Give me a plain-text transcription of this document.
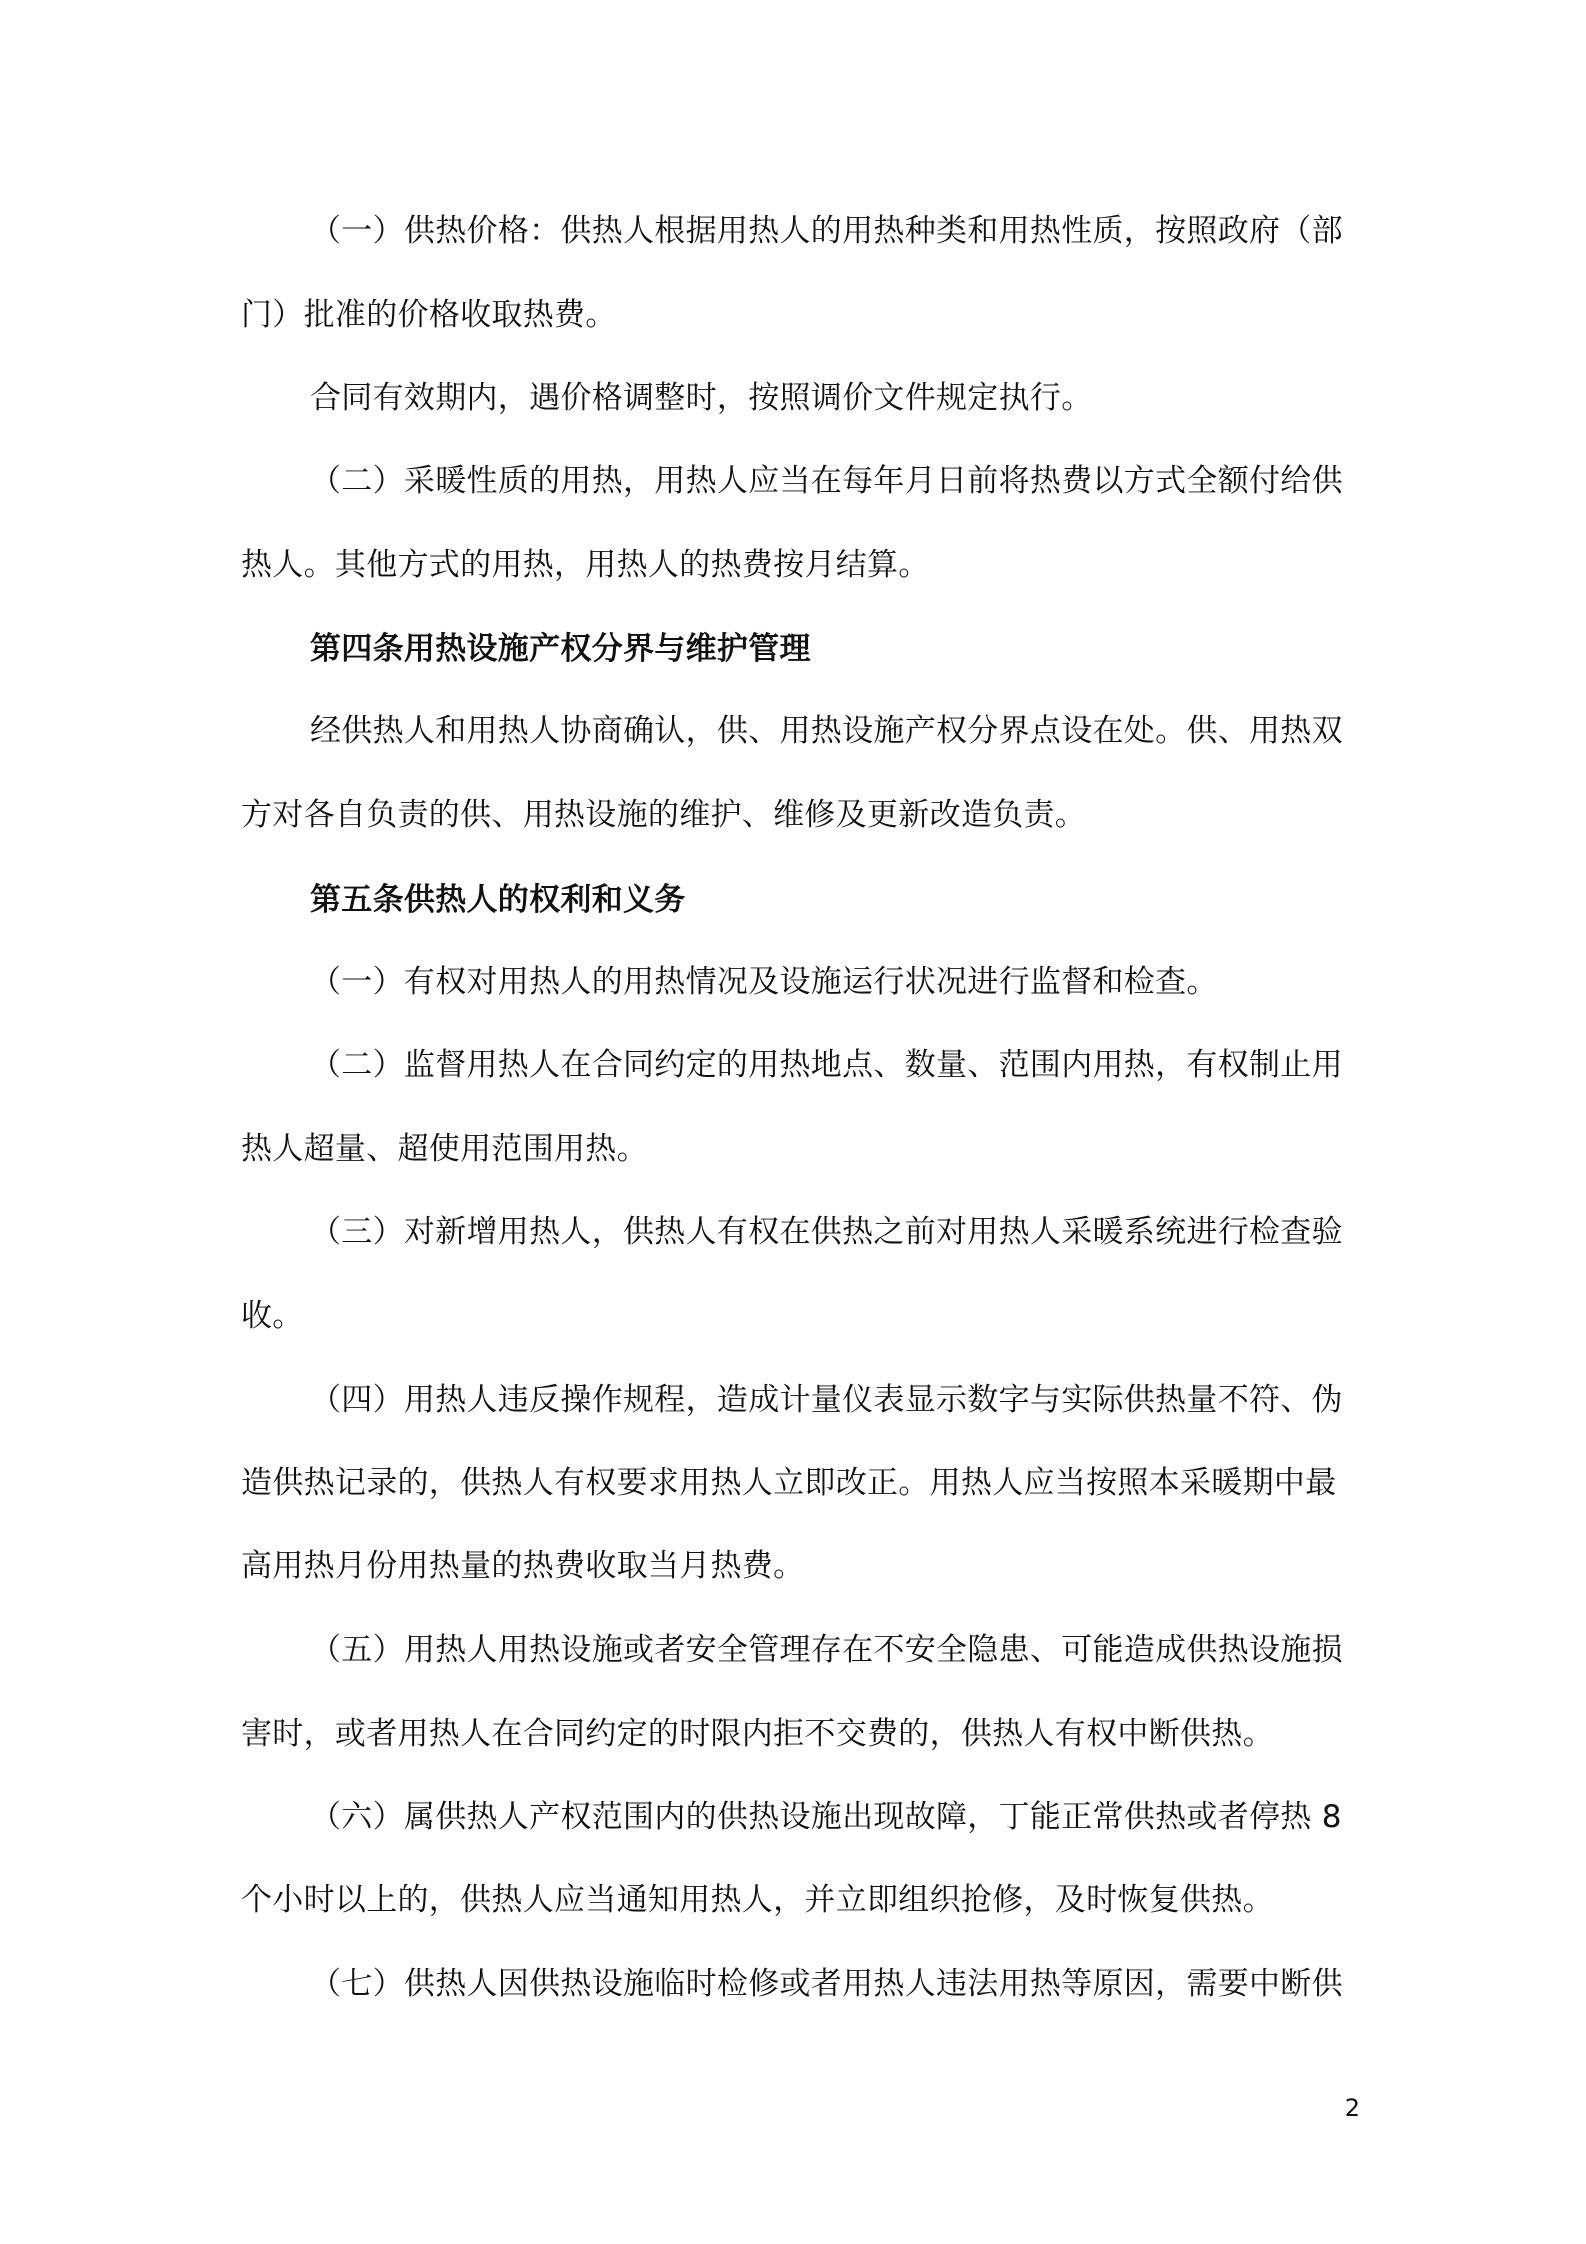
（一）供热价格：供热人根据用热人的用热种类和用热性质，按照政府（部
门）批准的价格收取热费。
合同有效期内，遇价格调整时，按照调价文件规定执行。
（二）采暖性质的用热，用热人应当在每年月日前将热费以方式全额付给供
热人。其他方式的用热，用热人的热费按月结算。
第四条用热设施产权分界与维护管理
经供热人和用热人协商确认，供、用热设施产权分界点设在处。供、用热双
方对各自负责的供、用热设施的维护、维修及更新改造负责。
第五条供热人的权利和义务
（一）有权对用热人的用热情况及设施运行状况进行监督和检查。
（二）监督用热人在合同约定的用热地点、数量、范围内用热，有权制止用
热人超量、超使用范围用热。
（三）对新增用热人，供热人有权在供热之前对用热人采暖系统进行检查验
收。
（四）用热人违反操作规程，造成计量仪表显示数字与实际供热量不符、伪
造供热记录的，供热人有权要求用热人立即改正。用热人应当按照本采暖期中最
高用热月份用热量的热费收取当月热费。
（五）用热人用热设施或者安全管理存在不安全隐患、可能造成供热设施损
害时，或者用热人在合同约定的时限内拒不交费的，供热人有权中断供热。
（六）属供热人产权范围内的供热设施出现故障，丁能正常供热或者停热 8
个小时以上的，供热人应当通知用热人，并立即组织抢修，及时恢复供热。
（七）供热人因供热设施临时检修或者用热人违法用热等原因，需要中断供
2
